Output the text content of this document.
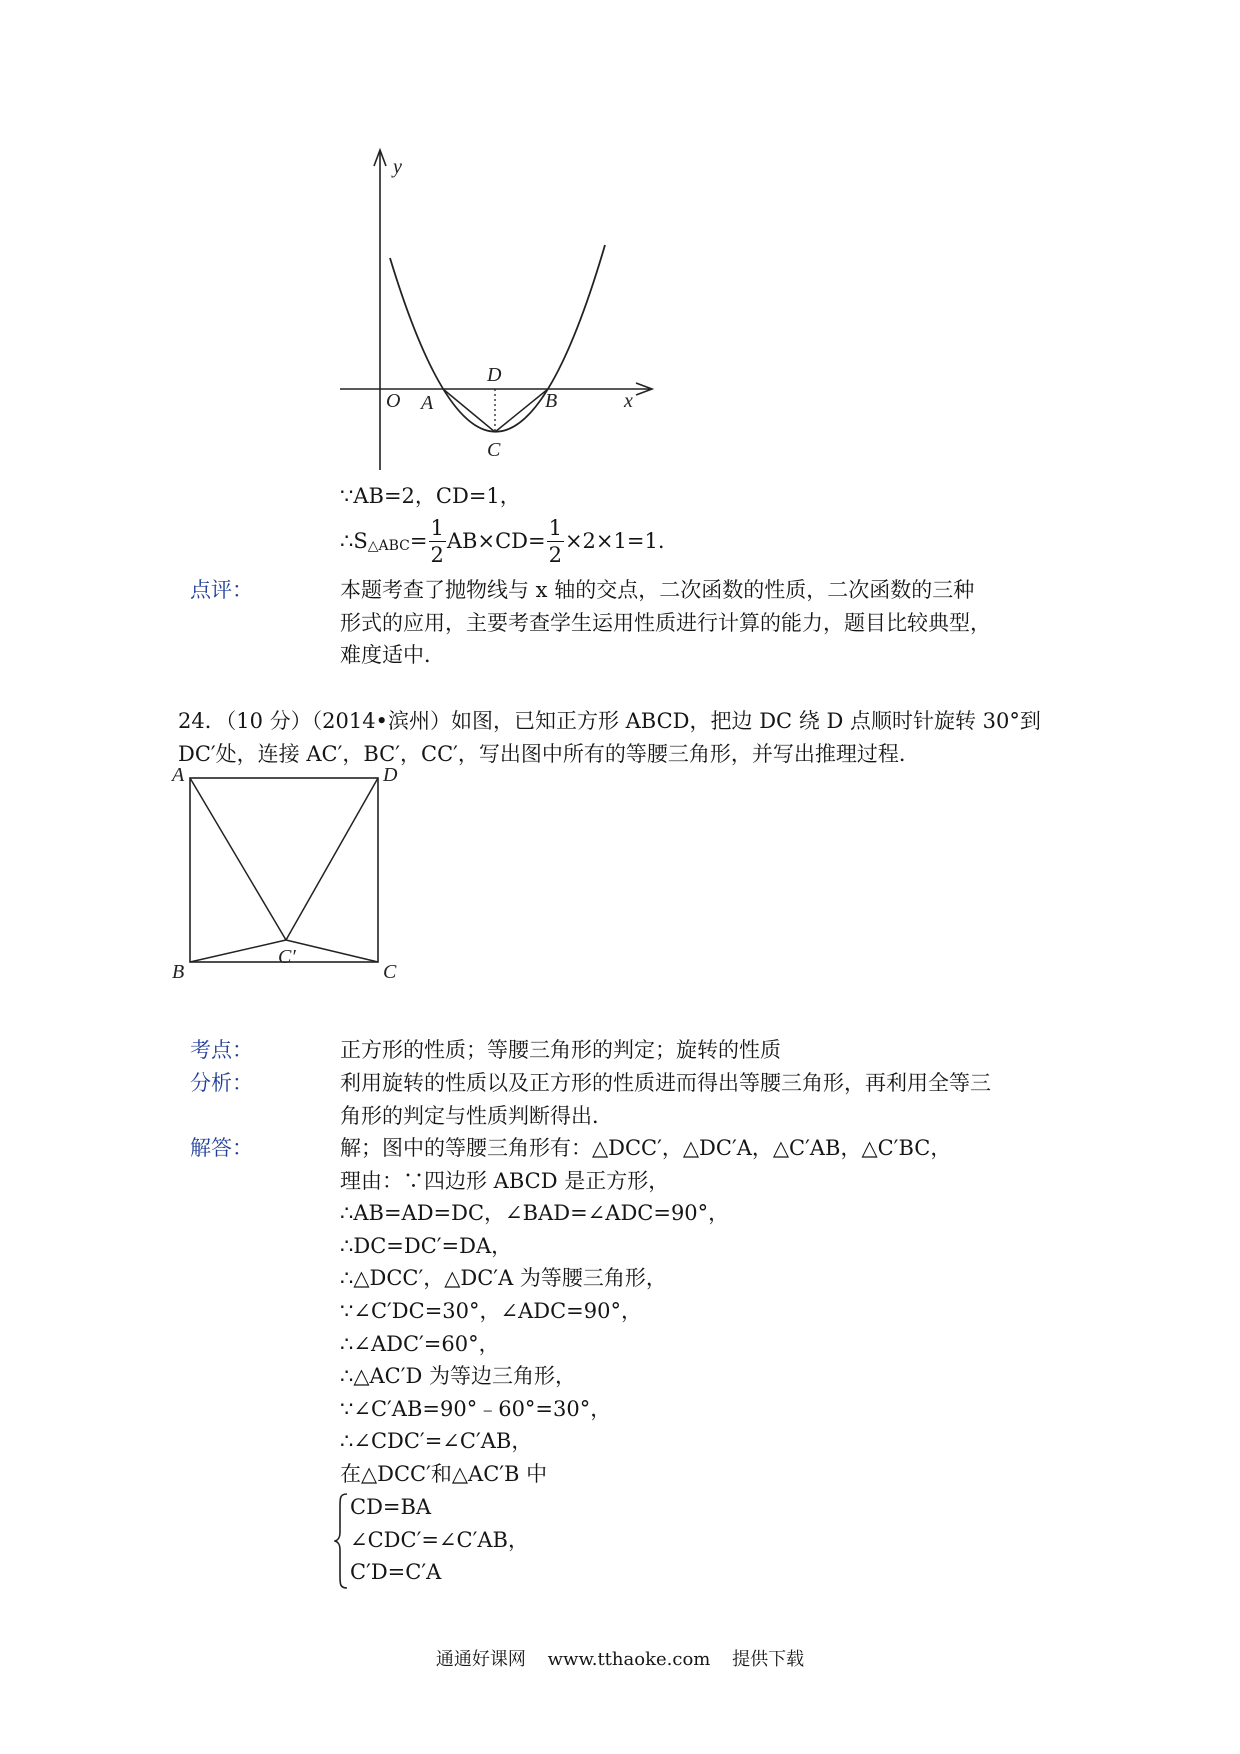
y
O A
D
B	x
C
∵AB=2，CD=1，
∴S △ABC = $\frac{1}{2} AB\times CD= \frac{1}{2} \times 2\times 1=1$.
点评：	本题考查了抛物线与 x 轴的交点，二次函数的性质，二次函数的三种
形式的应用，主要考查学生运用性质进行计算的能力，题目比较典型，
难度适中．
24．（10 分）（2014•滨州）如图，已知正方形 ABCD，把边 DC 绕 D 点顺时针旋转 30°到
DC′处，连接 AC′，BC′，CC′，写出图中所有的等腰三角形，并写出推理过程．
A	D
B	C
C′
考点：	正方形的性质；等腰三角形的判定；旋转的性质
分析：	利用旋转的性质以及正方形的性质进而得出等腰三角形，再利用全等三
角形的判定与性质判断得出．
解答：	解；图中的等腰三角形有：△DCC′，△DC′A，△C′AB，△C′BC，
理由：∵四边形 ABCD 是正方形，
∴AB=AD=DC，∠BAD=∠ADC=90°，
∴DC=DC′=DA，
∴△DCC′，△DC′A 为等腰三角形，
∵∠C′DC=30°，∠ADC=90°，
∴∠ADC′=60°，
∴△AC′D 为等边三角形，
∵∠C′AB=90°﹣60°=30°，
∴∠CDC′=∠C′AB，
在△DCC′和△AC′B 中
CD=BA
∠CDC′=∠C′AB，
C′D=C′A
通通好课网 www.tthaoke.com 提供下载
